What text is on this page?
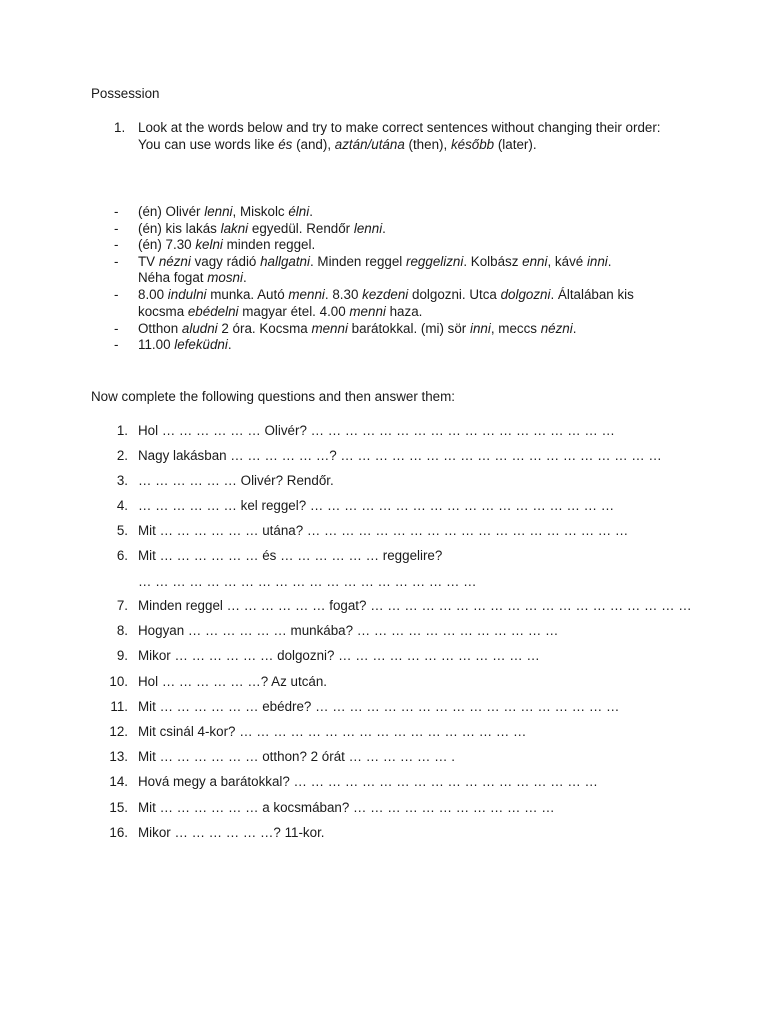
Possession
1. Look at the words below and try to make correct sentences without changing their order:

You can use words like és (and), aztán/utána (then), később (later).

- (én) Olivér lenni, Miskolc élni.
- (én) kis lakás lakni egyedül. Rendőr lenni.
- (én) 7.30 kelni minden reggel.
- TV nézni vagy rádió hallgatni. Minden reggel reggelizni. Kolbász enni, kávé inni. Néha fogat mosni.
- 8.00 indulni munka. Autó menni. 8.30 kezdeni dolgozni. Utca dolgozni. Általában kis kocsma ebédelni magyar étel. 4.00 menni haza.
- Otthon aludni 2 óra. Kocsma menni barátokkal. (mi) sör inni, meccs nézni.
- 11.00 lefeküdni.
Now complete the following questions and then answer them:
1. Hol … … … … … … Olivér? … … … … … … … … … … … … … … … … … …
2. Nagy lakásban … … … … … …? … … … … … … … … … … … … … … … … … … …
3. … … … … … … Olivér? Rendőr.
4. … … … … … … kel reggel? … … … … … … … … … … … … … … … … … …
5. Mit … … … … … … utána? … … … … … … … … … … … … … … … … … … …
6. Mit … … … … … … és … … … … … … reggelire?
… … … … … … … … … … … … … … … … … … … …
7. Minden reggel … … … … … … fogat? … … … … … … … … … … … … … … … … … … …
8. Hogyan … … … … … … munkába? … … … … … … … … … … … …
9. Mikor … … … … … … dolgozni? … … … … … … … … … … … …
10. Hol … … … … … …? Az utcán.
11. Mit … … … … … … ebédre? … … … … … … … … … … … … … … … … … …
12. Mit csinál 4-kor? … … … … … … … … … … … … … … … … …
13. Mit … … … … … … otthon? 2 órát … … … … … … .
14. Hová megy a barátokkal? … … … … … … … … … … … … … … … … … …
15. Mit … … … … … … a kocsmában? … … … … … … … … … … … …
16. Mikor … … … … … …? 11-kor.
